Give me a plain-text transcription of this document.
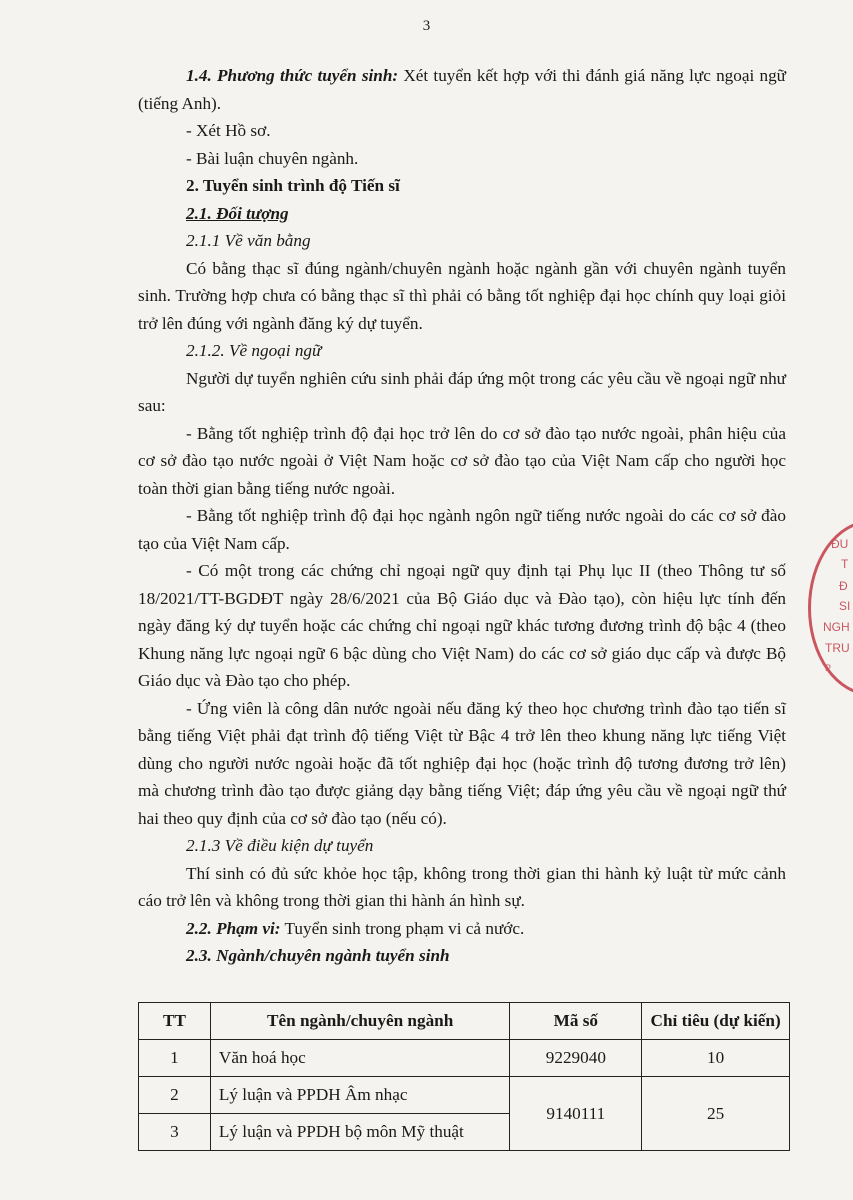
3

1.4. Phương thức tuyển sinh: Xét tuyển kết hợp với thi đánh giá năng lực ngoại ngữ (tiếng Anh).

- Xét Hồ sơ.

- Bài luận chuyên ngành.

2. Tuyển sinh trình độ Tiến sĩ

2.1. Đối tượng

2.1.1 Về văn bằng

Có bằng thạc sĩ đúng ngành/chuyên ngành hoặc ngành gần với chuyên ngành tuyển sinh. Trường hợp chưa có bằng thạc sĩ thì phải có bằng tốt nghiệp đại học chính quy loại giỏi trở lên đúng với ngành đăng ký dự tuyển.

2.1.2. Về ngoại ngữ

Người dự tuyển nghiên cứu sinh phải đáp ứng một trong các yêu cầu về ngoại ngữ như sau:

- Bằng tốt nghiệp trình độ đại học trở lên do cơ sở đào tạo nước ngoài, phân hiệu của cơ sở đào tạo nước ngoài ở Việt Nam hoặc cơ sở đào tạo của Việt Nam cấp cho người học toàn thời gian bằng tiếng nước ngoài.

- Bằng tốt nghiệp trình độ đại học ngành ngôn ngữ tiếng nước ngoài do các cơ sở đào tạo của Việt Nam cấp.

- Có một trong các chứng chỉ ngoại ngữ quy định tại Phụ lục II (theo Thông tư số 18/2021/TT-BGDĐT ngày 28/6/2021 của Bộ Giáo dục và Đào tạo), còn hiệu lực tính đến ngày đăng ký dự tuyển hoặc các chứng chỉ ngoại ngữ khác tương đương trình độ bậc 4 (theo Khung năng lực ngoại ngữ 6 bậc dùng cho Việt Nam) do các cơ sở giáo dục cấp và được Bộ Giáo dục và Đào tạo cho phép.

- Ứng viên là công dân nước ngoài nếu đăng ký theo học chương trình đào tạo tiến sĩ bằng tiếng Việt phải đạt trình độ tiếng Việt từ Bậc 4 trở lên theo khung năng lực tiếng Việt dùng cho người nước ngoài hoặc đã tốt nghiệp đại học (hoặc trình độ tương đương trở lên) mà chương trình đào tạo được giảng dạy bằng tiếng Việt; đáp ứng yêu cầu về ngoại ngữ thứ hai theo quy định của cơ sở đào tạo (nếu có).

2.1.3 Về điều kiện dự tuyển

Thí sinh có đủ sức khỏe học tập, không trong thời gian thi hành kỷ luật từ mức cảnh cáo trở lên và không trong thời gian thi hành án hình sự.

2.2. Phạm vi: Tuyển sinh trong phạm vi cả nước.

2.3. Ngành/chuyên ngành tuyển sinh

TT	Tên ngành/chuyên ngành	Mã số	Chỉ tiêu (dự kiến)
1	Văn hoá học	9229040	10
2	Lý luận và PPDH Âm nhạc	9140111	25
3	Lý luận và PPDH bộ môn Mỹ thuật		
ĐU
T
Đ
SI
NGH
TRU
P
